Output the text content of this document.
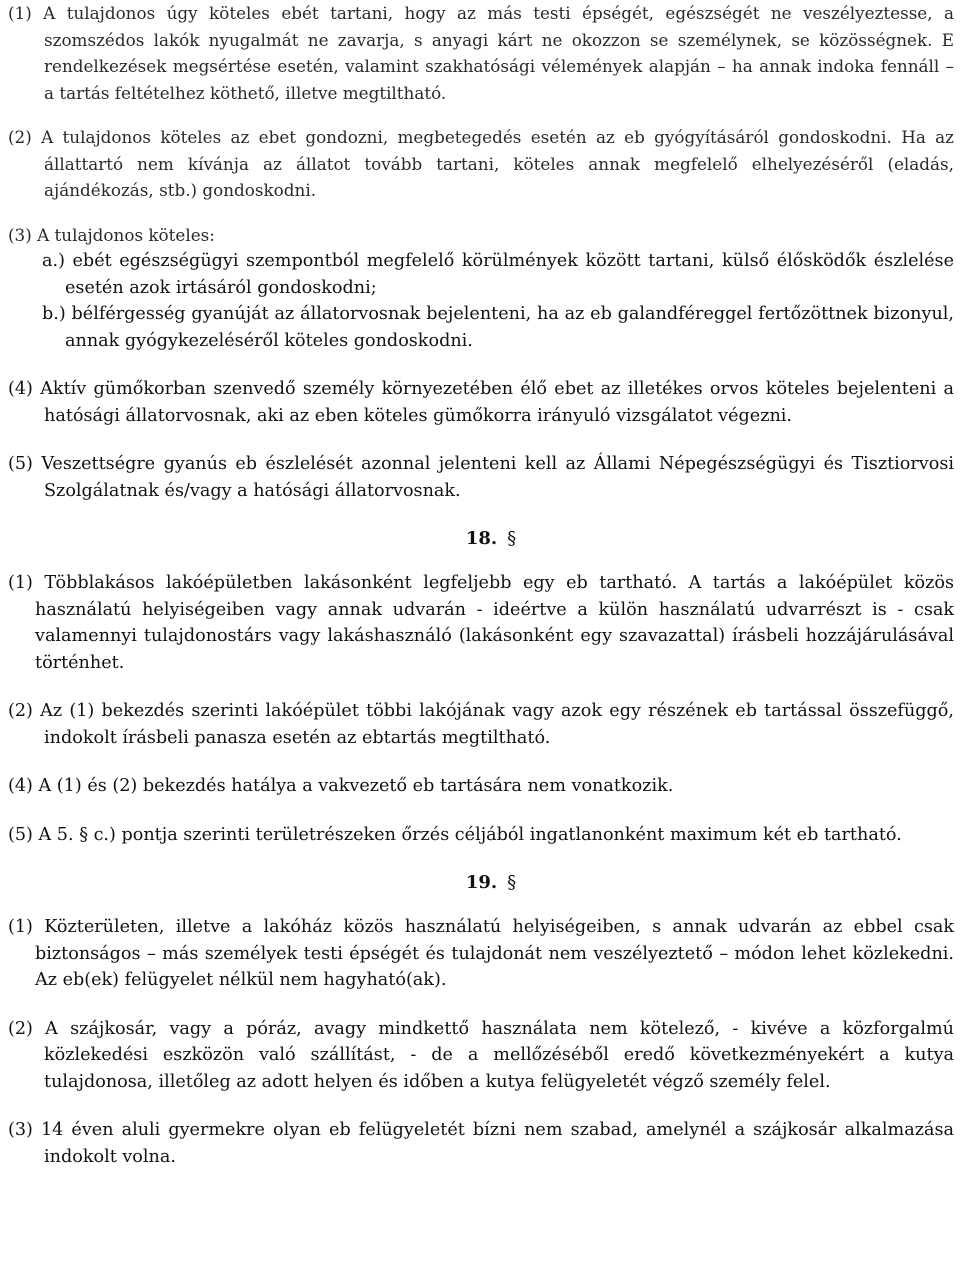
(1) A tulajdonos úgy köteles ebét tartani, hogy az más testi épségét, egészségét ne veszélyeztesse, a szomszédos lakók nyugalmát ne zavarja, s anyagi kárt ne okozzon se személynek, se közösségnek. E rendelkezések megsértése esetén, valamint szakhatósági vélemények alapján – ha annak indoka fennáll – a tartás feltételhez köthető, illetve megtiltható.

(2) A tulajdonos köteles az ebet gondozni, megbetegedés esetén az eb gyógyításáról gondoskodni. Ha az állattartó nem kívánja az állatot tovább tartani, köteles annak megfelelő elhelyezéséről (eladás, ajándékozás, stb.) gondoskodni.

(3) A tulajdonos köteles:

a.) ebét egészségügyi szempontból megfelelő körülmények között tartani, külső élősködők észlelése esetén azok irtásáról gondoskodni;

b.) bélférgesség gyanúját az állatorvosnak bejelenteni, ha az eb galandféreggel fertőzöttnek bizonyul, annak gyógykezeléséről köteles gondoskodni.

(4) Aktív gümőkorban szenvedő személy környezetében élő ebet az illetékes orvos köteles bejelenteni a hatósági állatorvosnak, aki az eben köteles gümőkorra irányuló vizsgálatot végezni.

(5) Veszettségre gyanús eb észlelését azonnal jelenteni kell az Állami Népegészségügyi és Tisztiorvosi Szolgálatnak és/vagy a hatósági állatorvosnak.

18. §

(1) Többlakásos lakóépületben lakásonként legfeljebb egy eb tartható. A tartás a lakóépület közös használatú helyiségeiben vagy annak udvarán - ideértve a külön használatú udvarrészt is - csak valamennyi tulajdonostárs vagy lakáshasználó (lakásonként egy szavazattal) írásbeli hozzájárulásával történhet.

(2) Az (1) bekezdés szerinti lakóépület többi lakójának vagy azok egy részének eb tartással összefüggő, indokolt írásbeli panasza esetén az ebtartás megtiltható.

(4) A (1) és (2) bekezdés hatálya a vakvezető eb tartására nem vonatkozik.

(5) A 5. § c.) pontja szerinti területrészeken őrzés céljából ingatlanonként maximum két eb tartható.

19. §

(1) Közterületen, illetve a lakóház közös használatú helyiségeiben, s annak udvarán az ebbel csak biztonságos – más személyek testi épségét és tulajdonát nem veszélyeztető – módon lehet közlekedni. Az eb(ek) felügyelet nélkül nem hagyható(ak).

(2) A szájkosár, vagy a póráz, avagy mindkettő használata nem kötelező, - kivéve a közforgalmú közlekedési eszközön való szállítást, - de a mellőzéséből eredő következményekért a kutya tulajdonosa, illetőleg az adott helyen és időben a kutya felügyeletét végző személy felel.

(3) 14 éven aluli gyermekre olyan eb felügyeletét bízni nem szabad, amelynél a szájkosár alkalmazása indokolt volna.
